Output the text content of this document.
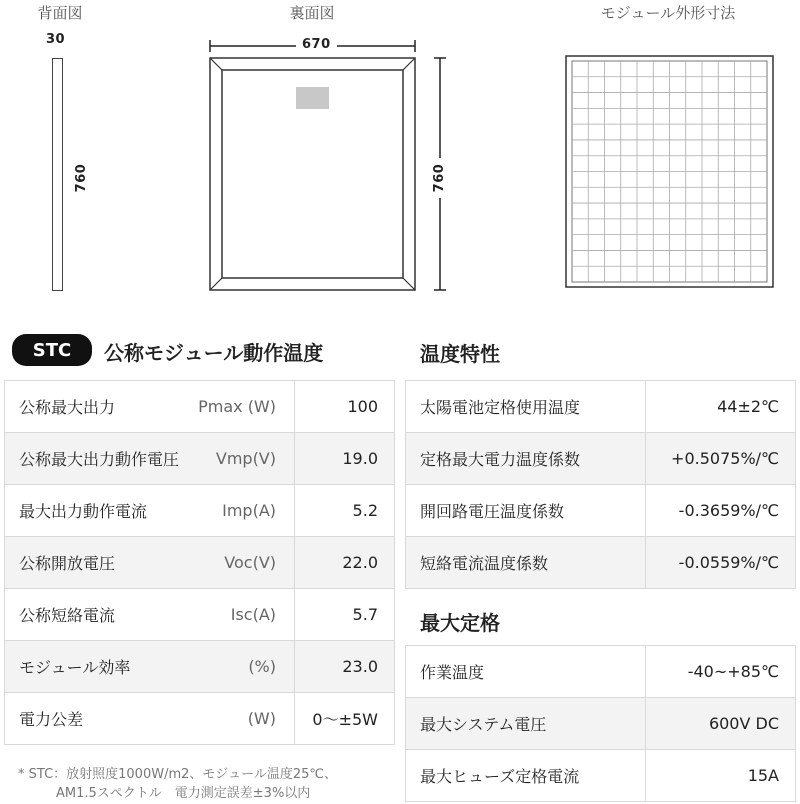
背面図	裏面図	モジュール外形寸法
30
760
670
760
STC	公称モジュール動作温度
公称最大出力	Pmax (W)	100
公称最大出力動作電圧	Vmp(V)	19.0
最大出力動作電流	Imp(A)	5.2
公称開放電圧	Voc(V)	22.0
公称短絡電流	Isc(A)	5.7
モジュール効率	(%)	23.0
電力公差	(W)	0〜±5W
* STC：放射照度1000W/m2、モジュール温度25℃、
AM1.5スペクトル　電力測定誤差±3%以内
温度特性
太陽電池定格使用温度	44±2℃
定格最大電力温度係数	+0.5075%/℃
開回路電圧温度係数	-0.3659%/℃
短絡電流温度係数	-0.0559%/℃
最大定格
作業温度	-40~+85℃
最大システム電圧	600V DC
最大ヒューズ定格電流	15A
